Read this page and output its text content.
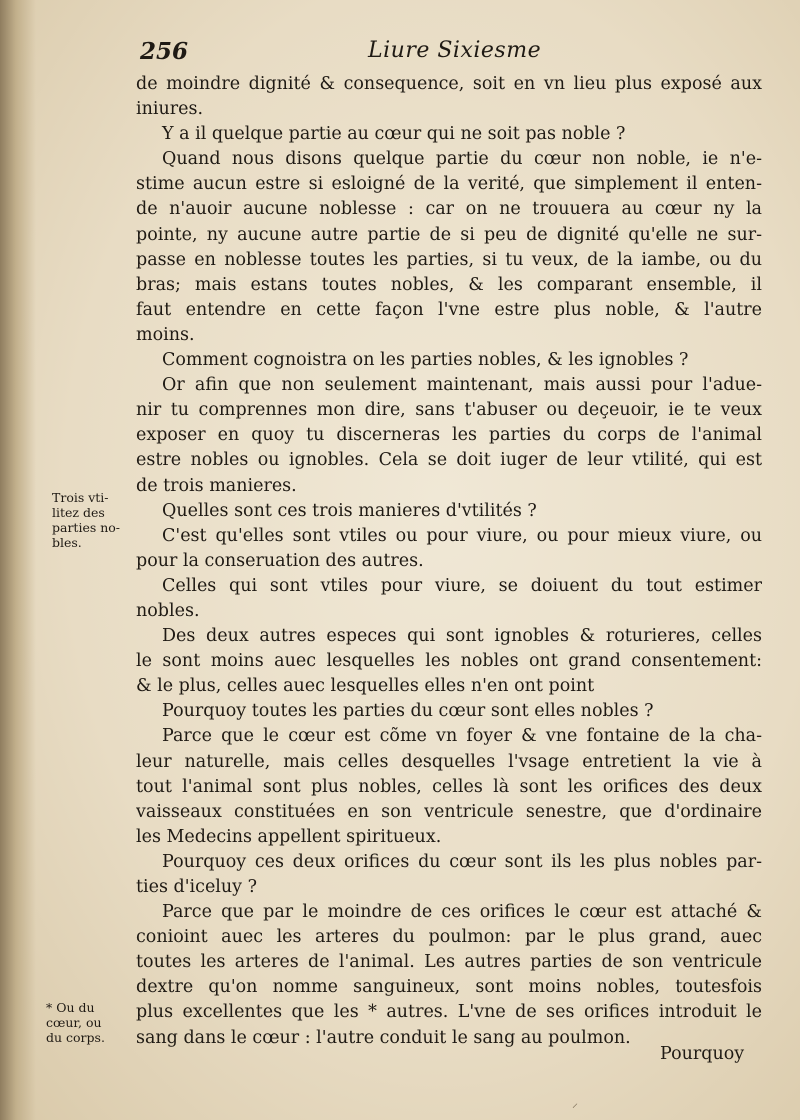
256	Liure Sixiesme
de moindre dignité & consequence, soit en vn lieu plus exposé aux
iniures.
Y a il quelque partie au cœur qui ne soit pas noble ?
Quand nous disons quelque partie du cœur non noble, ie n'e-
stime aucun estre si esloigné de la verité, que simplement il enten-
de n'auoir aucune noblesse : car on ne trouuera au cœur ny la
pointe, ny aucune autre partie de si peu de dignité qu'elle ne sur-
passe en noblesse toutes les parties, si tu veux, de la iambe, ou du
bras; mais estans toutes nobles, & les comparant ensemble, il
faut entendre en cette façon l'vne estre plus noble, & l'autre
moins.
Comment cognoistra on les parties nobles, & les ignobles ?
Or afin que non seulement maintenant, mais aussi pour l'adue-
nir tu comprennes mon dire, sans t'abuser ou deçeuoir, ie te veux
exposer en quoy tu discerneras les parties du corps de l'animal
estre nobles ou ignobles. Cela se doit iuger de leur vtilité, qui est
de trois manieres.
Quelles sont ces trois manieres d'vtilités ?
C'est qu'elles sont vtiles ou pour viure, ou pour mieux viure, ou
pour la conseruation des autres.
Celles qui sont vtiles pour viure, se doiuent du tout estimer
nobles.
Des deux autres especes qui sont ignobles & roturieres, celles
le sont moins auec lesquelles les nobles ont grand consentement:
& le plus, celles auec lesquelles elles n'en ont point
Pourquoy toutes les parties du cœur sont elles nobles ?
Parce que le cœur est cõme vn foyer & vne fontaine de la cha-
leur naturelle, mais celles desquelles l'vsage entretient la vie à
tout l'animal sont plus nobles, celles là sont les orifices des deux
vaisseaux constituées en son ventricule senestre, que d'ordinaire
les Medecins appellent spiritueux.
Pourquoy ces deux orifices du cœur sont ils les plus nobles par-
ties d'iceluy ?
Parce que par le moindre de ces orifices le cœur est attaché &
conioint auec les arteres du poulmon: par le plus grand, auec
toutes les arteres de l'animal. Les autres parties de son ventricule
dextre qu'on nomme sanguineux, sont moins nobles, toutesfois
plus excellentes que les * autres. L'vne de ses orifices introduit le
sang dans le cœur : l'autre conduit le sang au poulmon.
Trois vti-
litez des
parties no-
bles.
* Ou du
cœur, ou
du corps.
Pourquoy
⸝
